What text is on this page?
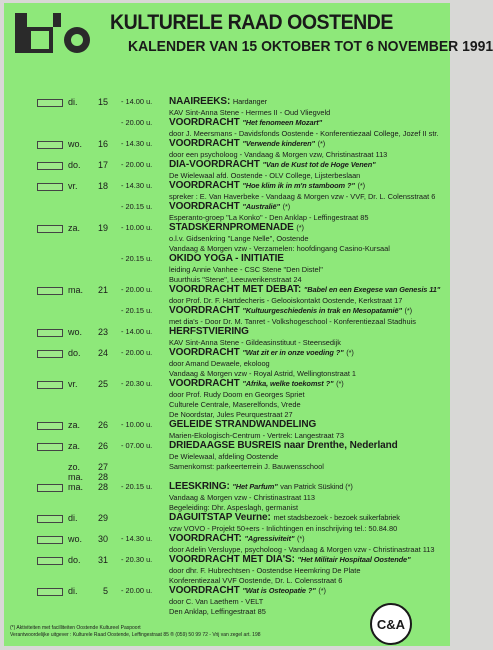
KULTURELE RAAD OOSTENDE
KALENDER VAN 15 OKTOBER TOT 6 NOVEMBER 1991
di.	15 - 14.00 u. NAAIREEKS: Hardanger
KAV Sint-Anna Stene - Hermes II - Oud Vliegveld
- 20.00 u. VOORDRACHT "Het fenomeen Mozart"
door J. Meersmans - Davidsfonds Oostende - Konferentiezaal College, Jozef II str.
wo.	16 - 14.30 u. VOORDRACHT "Verwende kinderen" (*)
door een psycholoog - Vandaag & Morgen vzw, Christinastraat 113
do.	17 - 20.00 u. DIA-VOORDRACHT "Van de Kust tot de Hoge Venen"
De Wielewaal afd. Oostende - OLV College, Lijsterbeslaan
vr.	18 - 14.30 u. VOORDRACHT "Hoe klim ik in m'n stamboom ?" (*)
spreker : E. Van Haverbeke - Vandaag & Morgen vzw - VVF, Dr. L. Colensstraat 6
- 20.15 u. VOORDRACHT "Australië" (*)
Esperanto-groep "La Konko" - Den Anklap - Leffingestraat 85
za.	19 - 10.00 u. STADSKERNPROMENADE (*)
o.l.v. Gidsenkring "Lange Nelle", Oostende
Vandaag & Morgen vzw - Verzamelen: hoofdingang Casino-Kursaal
- 20.15 u. OKIDO YOGA - INITIATIE
leiding Annie Vanhee - CSC Stene "Den Distel"
Buurthuis "Stene", Leeuwerikenstraat 24
ma.	21 - 20.00 u. VOORDRACHT MET DEBAT: "Babel en een Exegese van Genesis 11"
door Prof. Dr. F. Hartdecheris - Gelooiskontakt Oostende, Kerkstraat 17
- 20.15 u. VOORDRACHT "Kultuurgeschiedenis in trak en Mesopatamië" (*)
met dia's - Door Dr. M. Tanret - Volkshogeschool - Konferentiezaal Stadhuis
wo.	23 - 14.00 u. HERFSTVIERING
KAV Sint-Anna Stene - Gildeasinstituut - Steensedijk
do.	24 - 20.00 u. VOORDRACHT "Wat zit er in onze voeding ?" (*)
door Amand Dewaele, ekoloog
Vandaag & Morgen vzw - Royal Astrid, Wellingtonstraat 1
vr.	25 - 20.30 u. VOORDRACHT "Afrika, welke toekomst ?" (*)
door Prof. Rudy Doom en Georges Spriet
Culturele Centrale, Maserelfonds, Vrede
De Noordstar, Jules Peurquestraat 27
za.	26 - 10.00 u. GELEIDE STRANDWANDELING
Marien-Ekologisch-Centrum - Vertrek: Langestraat 73
za.	26 - 07.00 u. DRIEDAAGSE BUSREIS naar Drenthe, Nederland
De Wielewaal, afdeling Oostende
zo.	27	Samenkomst: parkeerterrein J. Bauwensschool
ma.	28
ma.	28 - 20.15 u. LEESKRING: "Het Parfum" van Patrick Süskind (*)
Vandaag & Morgen vzw - Christinastraat 113
Begeleiding: Dhr. Aspeslagh, germanist
di.	29	DAGUITSTAP Veurne: met stadsbezoek - bezoek suikerfabriek
vzw VOVO - Projekt 50+ers - Inlichtingen en inschrijving tel.: 50.84.80
wo.	30 - 14.30 u. VOORDRACHT: "Agressiviteit" (*)
door Adelin Versluype, psycholoog - Vandaag & Morgen vzw - Christinastraat 113
do.	31 - 20.30 u. VOORDRACHT MET DIA'S: "Het Militair Hospitaal Oostende"
door dhr. F. Hubrechtsen - Oostendse Heemkring De Plate
Konferentiezaal VVF Oostende, Dr. L. Colensstraat 6
di.	5 - 20.00 u. VOORDRACHT "Wat is Osteopatie ?" (*)
door C. Van Laethem - VELT
Den Anklap, Leffingestraat 85
(*) Aktiviteiten met facilliteiten Oostende Kultureel Paspoort
Verantwoordelijke uitgever : Kulturele Raad Oostende, Leffingestraat 85 ® (059) 50 99 72 - Vrij van zegel art. 198
C&A
